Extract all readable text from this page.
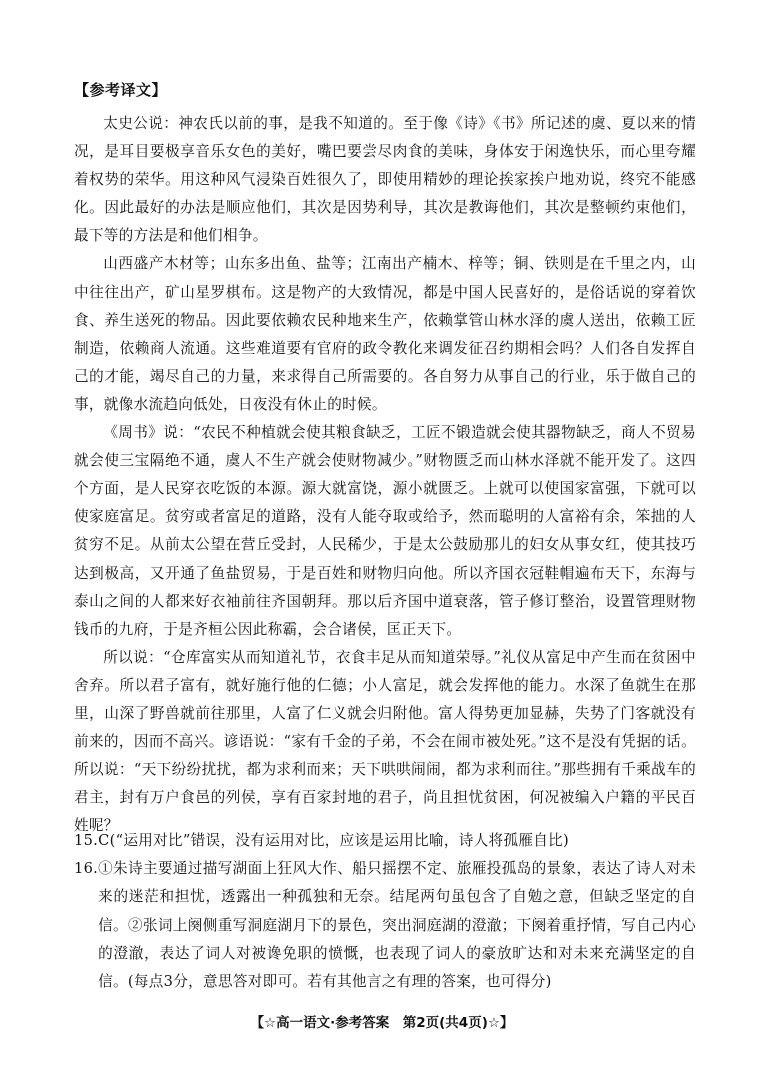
【参考译文】

太史公说：神农氏以前的事，是我不知道的。至于像《诗》《书》所记述的虞、夏以来的情况，是耳目要极享音乐女色的美好，嘴巴要尝尽肉食的美味，身体安于闲逸快乐，而心里夸耀着权势的荣华。用这种风气浸染百姓很久了，即使用精妙的理论挨家挨户地劝说，终究不能感化。因此最好的办法是顺应他们，其次是因势利导，其次是教诲他们，其次是整顿约束他们，最下等的方法是和他们相争。

山西盛产木材等；山东多出鱼、盐等；江南出产楠木、梓等；铜、铁则是在千里之内，山中往往出产，矿山星罗棋布。这是物产的大致情况，都是中国人民喜好的，是俗话说的穿着饮食、养生送死的物品。因此要依赖农民种地来生产，依赖掌管山林水泽的虞人送出，依赖工匠制造，依赖商人流通。这些难道要有官府的政令教化来调发征召约期相会吗？人们各自发挥自己的才能，竭尽自己的力量，来求得自己所需要的。各自努力从事自己的行业，乐于做自己的事，就像水流趋向低处，日夜没有休止的时候。

《周书》说：“农民不种植就会使其粮食缺乏，工匠不锻造就会使其器物缺乏，商人不贸易就会使三宝隔绝不通，虞人不生产就会使财物减少。”财物匮乏而山林水泽就不能开发了。这四个方面，是人民穿衣吃饭的本源。源大就富饶，源小就匮乏。上就可以使国家富强，下就可以使家庭富足。贫穷或者富足的道路，没有人能夺取或给予，然而聪明的人富裕有余，笨拙的人贫穷不足。从前太公望在营丘受封，人民稀少，于是太公鼓励那儿的妇女从事女红，使其技巧达到极高，又开通了鱼盐贸易，于是百姓和财物归向他。所以齐国衣冠鞋帽遍布天下，东海与泰山之间的人都来好衣袖前往齐国朝拜。那以后齐国中道衰落，管子修订整治，设置管理财物钱币的九府，于是齐桓公因此称霸，会合诸侯，匡正天下。

所以说：“仓库富实从而知道礼节，衣食丰足从而知道荣辱。”礼仪从富足中产生而在贫困中舍弃。所以君子富有，就好施行他的仁德；小人富足，就会发挥他的能力。水深了鱼就生在那里，山深了野兽就前往那里，人富了仁义就会归附他。富人得势更加显赫，失势了门客就没有前来的，因而不高兴。谚语说：“家有千金的子弟，不会在闹市被处死。”这不是没有凭据的话。所以说：“天下纷纷扰扰，都为求利而来；天下哄哄闹闹，都为求利而往。”那些拥有千乘战车的君主，封有万户食邑的列侯，享有百家封地的君子，尚且担忧贫困，何况被编入户籍的平民百姓呢？

15. C(“运用对比”错误，没有运用对比，应该是运用比喻，诗人将孤雁自比)
16. ①朱诗主要通过描写湖面上狂风大作、船只摇摆不定、旅雁投孤岛的景象，表达了诗人对未来的迷茫和担忧，透露出一种孤独和无奈。结尾两句虽包含了自勉之意，但缺乏坚定的自信。②张词上阕侧重写洞庭湖月下的景色，突出洞庭湖的澄澈；下阕着重抒情，写自己内心的澄澈，表达了词人对被谗免职的愤慨，也表现了词人的豪放旷达和对未来充满坚定的自信。(每点3分，意思答对即可。若有其他言之有理的答案，也可得分)
【☆高一语文·参考答案　第2页(共4页)☆】
